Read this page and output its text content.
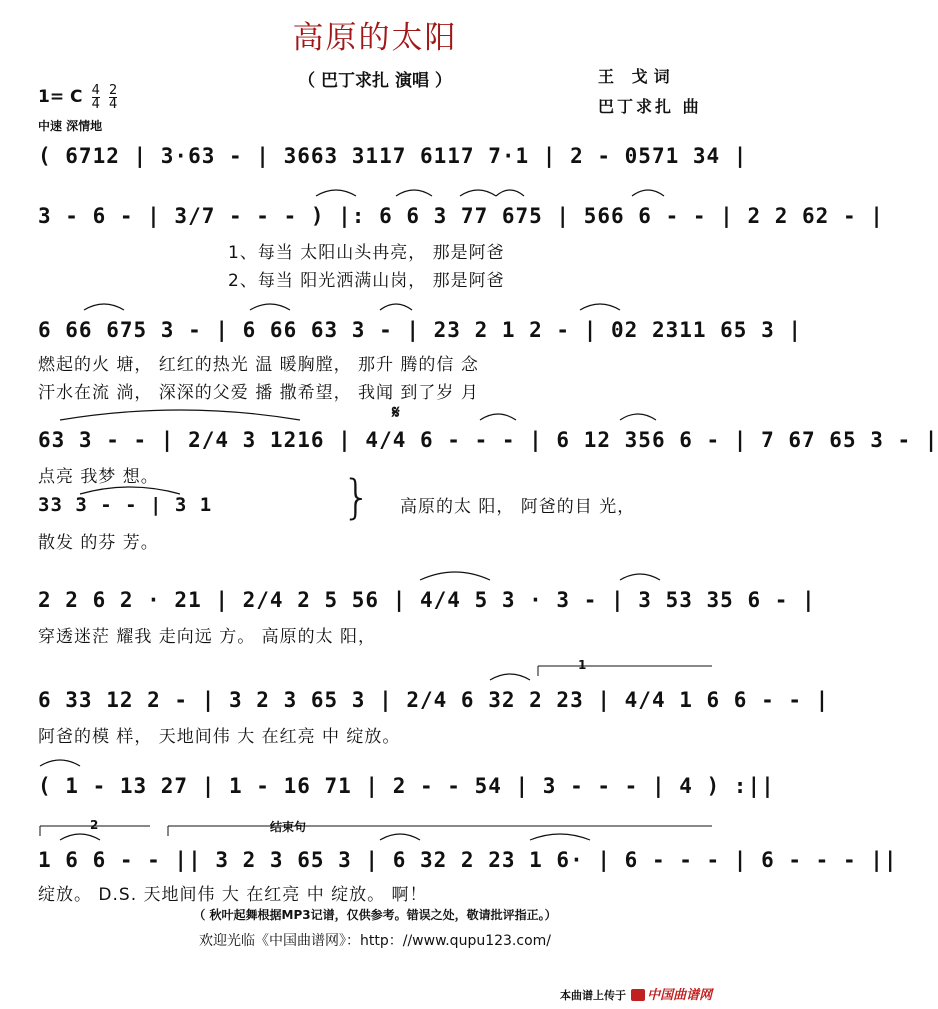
高原的太阳
（ 巴丁求扎 演唱 ）	王 戈词
巴丁求扎 曲
1= C $\frac{4}{4}$
$\frac{2}{4}$
中速 深情地
( 6712 | 3·63 - | 3663 3117 6117 7·1 | 2 - 0571 34 |
3 - 6 - | 3/7 - - - ) |: 6 6 3 77 675 | 566 6 - - | 2 2 62 - |
1、每当 太阳山头冉亮， 那是阿爸
2、每当 阳光洒满山岗， 那是阿爸
6 66 675 3 - | 6 66 63 3 - | 23 2 1 2 - | 02 2311 65 3 |
燃起的火 塘， 红红的热光 温 暖胸膛， 那升 腾的信 念
汗水在流 淌， 深深的父爱 播 撒希望， 我闻 到了岁 月
𝄋
63 3 - - | 2/4 3 1216 | 4/4 6 - - - | 6 12 356 6 - | 7 67 65 3 - |
点亮 我梦 想。
33 3 - - | 3 1
散发 的芬 芳。
} 高原的太 阳， 阿爸的目 光，
2 2 6 2 · 21 | 2/4 2 5 56 | 4/4 5 3 · 3 - | 3 53 35 6 - |
穿透迷茫 耀我 走向远 方。 高原的太 阳，
1
6 33 12 2 - | 3 2 3 65 3 | 2/4 6 32 2 23 | 4/4 1 6 6 - - |
阿爸的模 样， 天地间伟 大 在红亮 中 绽放。
( 1 - 13 27 | 1 - 16 71 | 2 - - 54 | 3 - - - | 4 ) :||
2	结束句
1 6 6 - - || 3 2 3 65 3 | 6 32 2 23 1 6· | 6 - - - | 6 - - - ||
绽放。 D.S. 天地间伟 大 在红亮 中 绽放。 啊！
（ 秋叶起舞根据MP3记谱，仅供参考。错误之处，敬请批评指正。）
欢迎光临《中国曲谱网》：http：//www.qupu123.com/
本曲谱上传于 中国曲谱网
